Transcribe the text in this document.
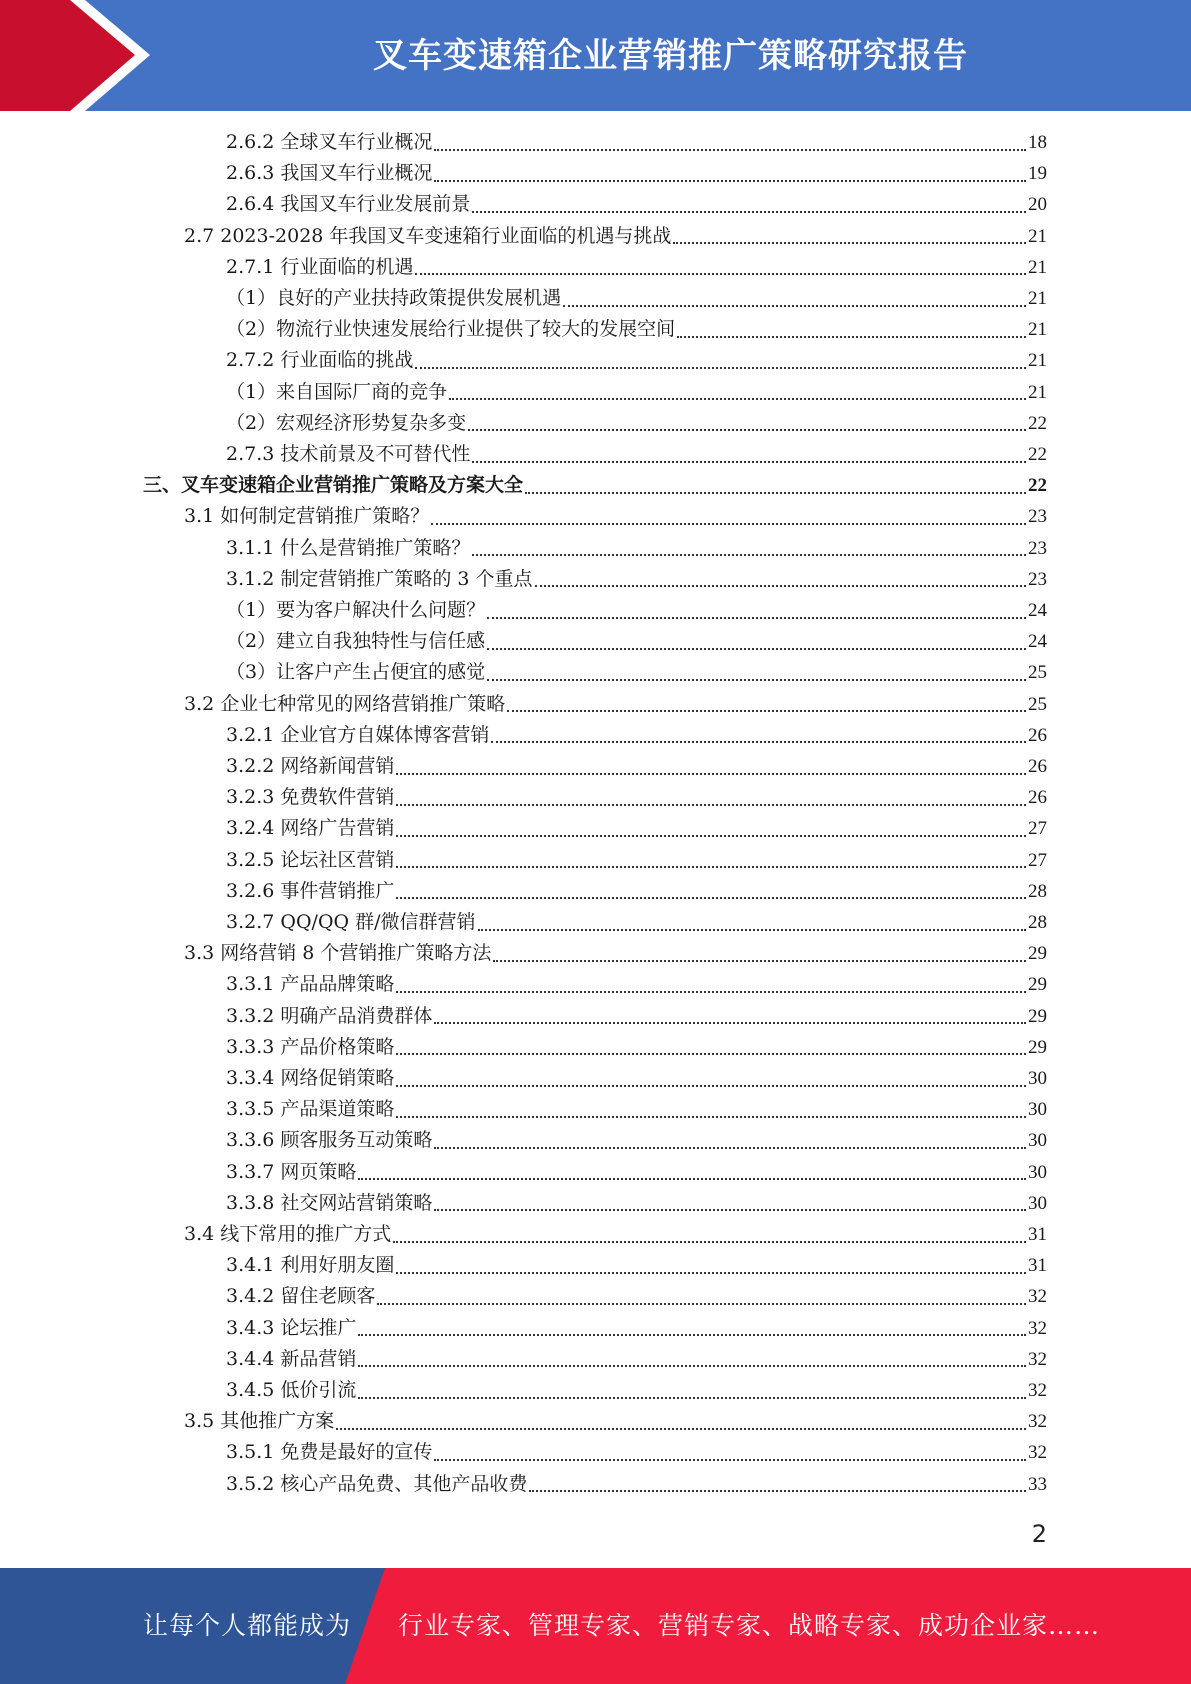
叉车变速箱企业营销推广策略研究报告
2.6.2 全球叉车行业概况	18
2.6.3 我国叉车行业概况	19
2.6.4 我国叉车行业发展前景	20
2.7 2023-2028 年我国叉车变速箱行业面临的机遇与挑战	21
2.7.1 行业面临的机遇	21
（1）良好的产业扶持政策提供发展机遇	21
（2）物流行业快速发展给行业提供了较大的发展空间	21
2.7.2 行业面临的挑战	21
（1）来自国际厂商的竞争	21
（2）宏观经济形势复杂多变	22
2.7.3 技术前景及不可替代性	22
三、叉车变速箱企业营销推广策略及方案大全	22
3.1 如何制定营销推广策略？	23
3.1.1 什么是营销推广策略？	23
3.1.2 制定营销推广策略的 3 个重点	23
（1）要为客户解决什么问题？	24
（2）建立自我独特性与信任感	24
（3）让客户产生占便宜的感觉	25
3.2 企业七种常见的网络营销推广策略	25
3.2.1 企业官方自媒体博客营销	26
3.2.2 网络新闻营销	26
3.2.3 免费软件营销	26
3.2.4 网络广告营销	27
3.2.5 论坛社区营销	27
3.2.6 事件营销推广	28
3.2.7 QQ/QQ 群/微信群营销	28
3.3 网络营销 8 个营销推广策略方法	29
3.3.1 产品品牌策略	29
3.3.2 明确产品消费群体	29
3.3.3 产品价格策略	29
3.3.4 网络促销策略	30
3.3.5 产品渠道策略	30
3.3.6 顾客服务互动策略	30
3.3.7 网页策略	30
3.3.8 社交网站营销策略	30
3.4 线下常用的推广方式	31
3.4.1 利用好朋友圈	31
3.4.2 留住老顾客	32
3.4.3 论坛推广	32
3.4.4 新品营销	32
3.4.5 低价引流	32
3.5 其他推广方案	32
3.5.1 免费是最好的宣传	32
3.5.2 核心产品免费、其他产品收费	33
2
让每个人都能成为 行业专家、管理专家、营销专家、战略专家、成功企业家……
